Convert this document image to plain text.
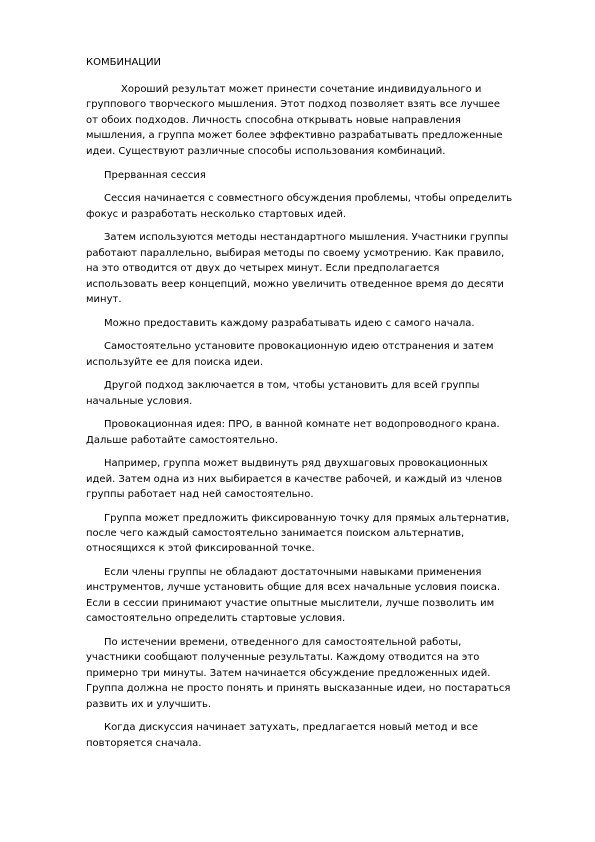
КОМБИНАЦИИ

Хороший результат может принести сочетание индивидуального и
группового творческого мышления. Этот подход позволяет взять все лучшее
от обоих подходов. Личность способна открывать новые направления
мышления, а группа может более эффективно разрабатывать предложенные
идеи. Существуют различные способы использования комбинаций.

Прерванная сессия

Сессия начинается с совместного обсуждения проблемы, чтобы определить
фокус и разработать несколько стартовых идей.

Затем используются методы нестандартного мышления. Участники группы
работают параллельно, выбирая методы по своему усмотрению. Как правило,
на это отводится от двух до четырех минут. Если предполагается
использовать веер концепций, можно увеличить отведенное время до десяти
минут.

Можно предоставить каждому разрабатывать идею с самого начала.

Самостоятельно установите провокационную идею отстранения и затем
используйте ее для поиска идеи.

Другой подход заключается в том, чтобы установить для всей группы
начальные условия.

Провокационная идея: ПРО, в ванной комнате нет водопроводного крана.
Дальше работайте самостоятельно.

Например, группа может выдвинуть ряд двухшаговых провокационных
идей. Затем одна из них выбирается в качестве рабочей, и каждый из членов
группы работает над ней самостоятельно.

Группа может предложить фиксированную точку для прямых альтернатив,
после чего каждый самостоятельно занимается поиском альтернатив,
относящихся к этой фиксированной точке.

Если члены группы не обладают достаточными навыками применения
инструментов, лучше установить общие для всех начальные условия поиска.
Если в сессии принимают участие опытные мыслители, лучше позволить им
самостоятельно определить стартовые условия.

По истечении времени, отведенного для самостоятельной работы,
участники сообщают полученные результаты. Каждому отводится на это
примерно три минуты. Затем начинается обсуждение предложенных идей.
Группа должна не просто понять и принять высказанные идеи, но постараться
развить их и улучшить.

Когда дискуссия начинает затухать, предлагается новый метод и все
повторяется сначала.
